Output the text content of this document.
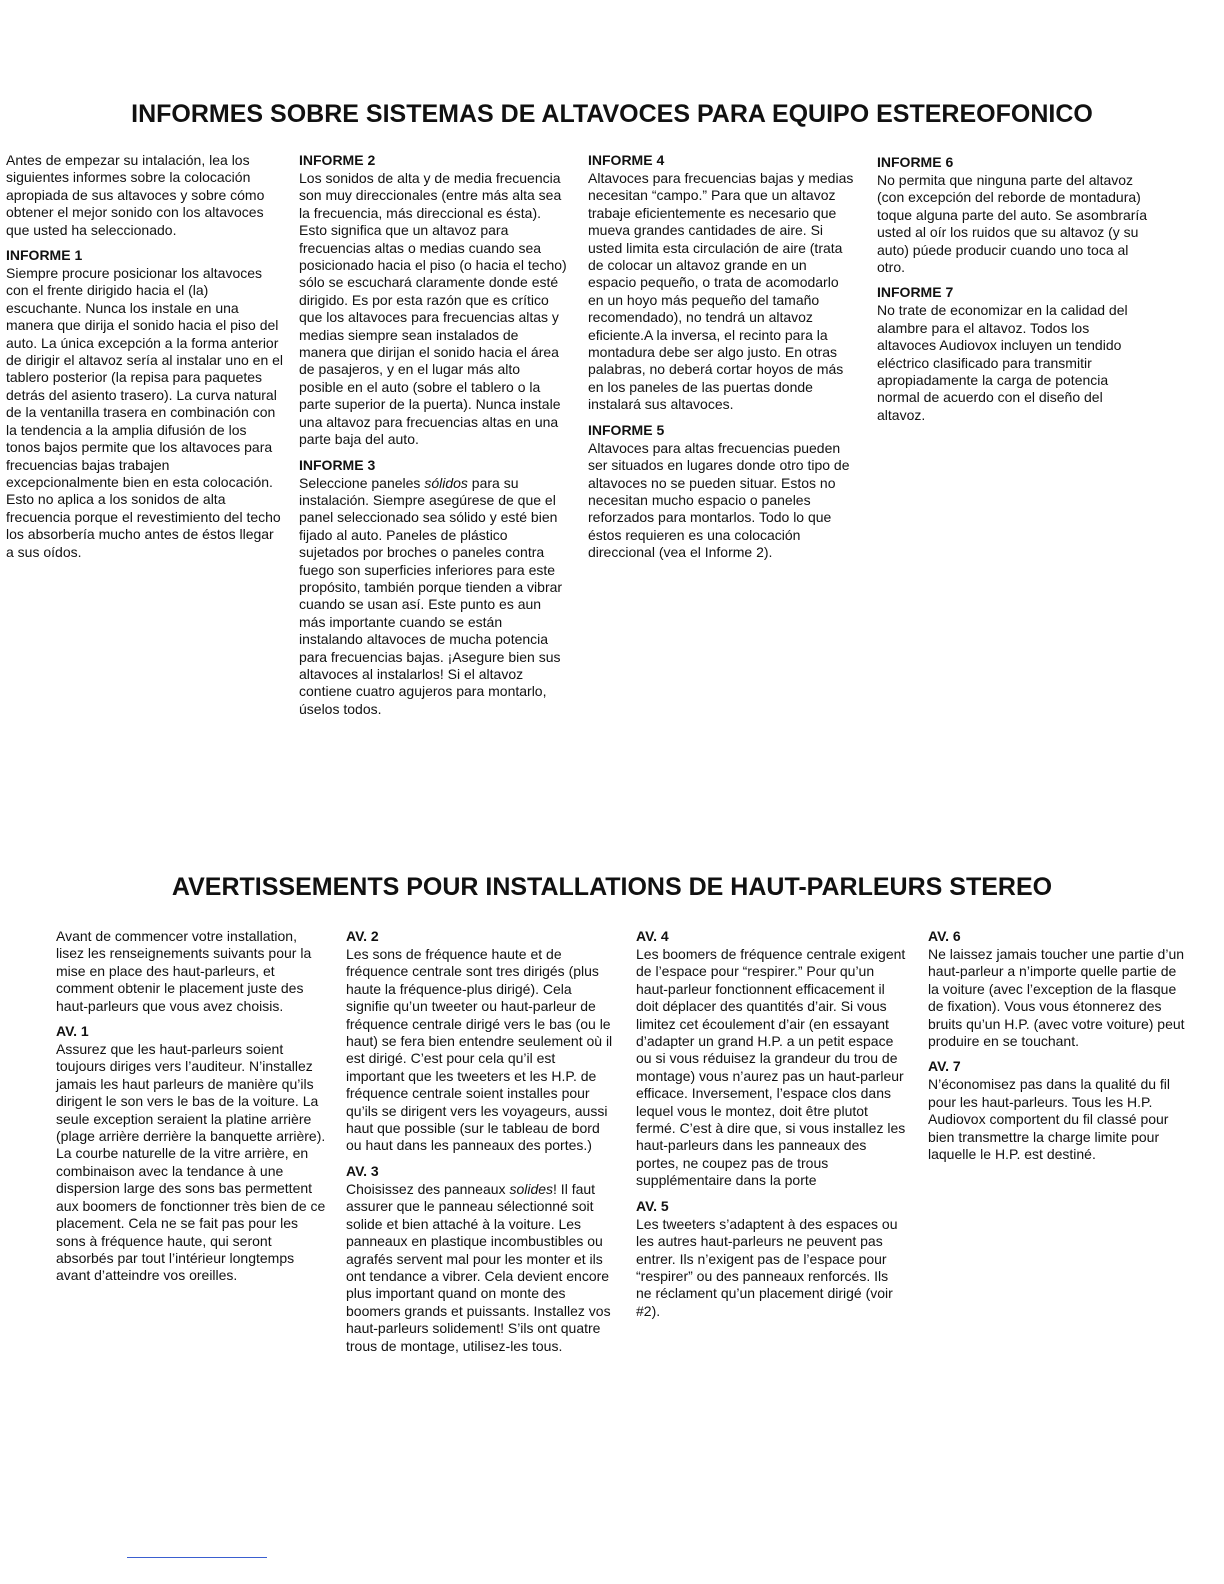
INFORMES SOBRE SISTEMAS DE ALTAVOCES PARA EQUIPO ESTEREOFONICO

Antes de empezar su intalación, lea los siguientes informes sobre la colocación apropiada de sus altavoces y sobre cómo obtener el mejor sonido con los altavoces que usted ha seleccionado.

INFORME 1

Siempre procure posicionar los altavoces con el frente dirigido hacia el (la) escuchante. Nunca los instale en una manera que dirija el sonido hacia el piso del auto. La única excepción a la forma anterior de dirigir el altavoz sería al instalar uno en el tablero posterior (la repisa para paquetes detrás del asiento trasero). La curva natural de la ventanilla trasera en combinación con la tendencia a la amplia difusión de los tonos bajos permite que los altavoces para frecuencias bajas trabajen excepcionalmente bien en esta colocación. Esto no aplica a los sonidos de alta frecuencia porque el revestimiento del techo los absorbería mucho antes de éstos llegar a sus oídos.

INFORME 2

Los sonidos de alta y de media frecuencia son muy direccionales (entre más alta sea la frecuencia, más direccional es ésta). Esto significa que un altavoz para frecuencias altas o medias cuando sea posicionado hacia el piso (o hacia el techo) sólo se escuchará claramente donde esté dirigido. Es por esta razón que es crítico que los altavoces para frecuencias altas y medias siempre sean instalados de manera que dirijan el sonido hacia el área de pasajeros, y en el lugar más alto posible en el auto (sobre el tablero o la parte superior de la puerta). Nunca instale una altavoz para frecuencias altas en una parte baja del auto.

INFORME 3

Seleccione paneles sólidos para su instalación. Siempre asegúrese de que el panel seleccionado sea sólido y esté bien fijado al auto. Paneles de plástico sujetados por broches o paneles contra fuego son superficies inferiores para este propósito, también porque tienden a vibrar cuando se usan así. Este punto es aun más importante cuando se están instalando altavoces de mucha potencia para frecuencias bajas. ¡Asegure bien sus altavoces al instalarlos! Si el altavoz contiene cuatro agujeros para montarlo, úselos todos.

INFORME 4

Altavoces para frecuencias bajas y medias necesitan “campo.” Para que un altavoz trabaje eficientemente es necesario que mueva grandes cantidades de aire. Si usted limita esta circulación de aire (trata de colocar un altavoz grande en un espacio pequeño, o trata de acomodarlo en un hoyo más pequeño del tamaño recomendado), no tendrá un altavoz eficiente.A la inversa, el recinto para la montadura debe ser algo justo. En otras palabras, no deberá cortar hoyos de más en los paneles de las puertas donde instalará sus altavoces.

INFORME 5

Altavoces para altas frecuencias pueden ser situados en lugares donde otro tipo de altavoces no se pueden situar. Estos no necesitan mucho espacio o paneles reforzados para montarlos. Todo lo que éstos requieren es una colocación direccional (vea el Informe 2).

INFORME 6

No permita que ninguna parte del altavoz (con excepción del reborde de montadura) toque alguna parte del auto. Se asombraría usted al oír los ruidos que su altavoz (y su auto) púede producir cuando uno toca al otro.

INFORME 7

No trate de economizar en la calidad del alambre para el altavoz. Todos los altavoces Audiovox incluyen un tendido eléctrico clasificado para transmitir apropiadamente la carga de potencia normal de acuerdo con el diseño del altavoz.

AVERTISSEMENTS POUR INSTALLATIONS DE HAUT-PARLEURS STEREO

Avant de commencer votre installation, lisez les renseignements suivants pour la mise en place des haut-parleurs, et comment obtenir le placement juste des haut-parleurs que vous avez choisis.

AV. 1

Assurez que les haut-parleurs soient toujours diriges vers l’auditeur. N’installez jamais les haut parleurs de manière qu’ils dirigent le son vers le bas de la voiture. La seule exception seraient la platine arrière (plage arrière derrière la banquette arrière). La courbe naturelle de la vitre arrière, en combinaison avec la tendance à une dispersion large des sons bas permettent aux boomers de fonctionner très bien de ce placement. Cela ne se fait pas pour les sons à fréquence haute, qui seront absorbés par tout l’intérieur longtemps avant d’atteindre vos oreilles.

AV. 2

Les sons de fréquence haute et de fréquence centrale sont tres dirigés (plus haute la fréquence-plus dirigé). Cela signifie qu’un tweeter ou haut-parleur de fréquence centrale dirigé vers le bas (ou le haut) se fera bien entendre seulement où il est dirigé. C’est pour cela qu’il est important que les tweeters et les H.P. de fréquence centrale soient installes pour qu’ils se dirigent vers les voyageurs, aussi haut que possible (sur le tableau de bord ou haut dans les panneaux des portes.)

AV. 3

Choisissez des panneaux solides! Il faut assurer que le panneau sélectionné soit solide et bien attaché à la voiture. Les panneaux en plastique incombustibles ou agrafés servent mal pour les monter et ils ont tendance a vibrer. Cela devient encore plus important quand on monte des boomers grands et puissants. Installez vos haut-parleurs solidement! S’ils ont quatre trous de montage, utilisez-les tous.

AV. 4

Les boomers de fréquence centrale exigent de l’espace pour “respirer.” Pour qu’un haut-parleur fonctionnent efficacement il doit déplacer des quantités d’air. Si vous limitez cet écoulement d’air (en essayant d’adapter un grand H.P. a un petit espace ou si vous réduisez la grandeur du trou de montage) vous n’aurez pas un haut-parleur efficace. Inversement, l’espace clos dans lequel vous le montez, doit être plutot fermé. C’est à dire que, si vous installez les haut-parleurs dans les panneaux des portes, ne coupez pas de trous supplémentaire dans la porte

AV. 5

Les tweeters s’adaptent à des espaces ou les autres haut-parleurs ne peuvent pas entrer. Ils n’exigent pas de l’espace pour “respirer” ou des panneaux renforcés. Ils ne réclament qu’un placement dirigé (voir #2).

AV. 6

Ne laissez jamais toucher une partie d’un haut-parleur a n’importe quelle partie de la voiture (avec l’exception de la flasque de fixation). Vous vous étonnerez des bruits qu’un H.P. (avec votre voiture) peut produire en se touchant.

AV. 7

N’économisez pas dans la qualité du fil pour les haut-parleurs. Tous les H.P. Audiovox comportent du fil classé pour bien transmettre la charge limite pour laquelle le H.P. est destiné.
